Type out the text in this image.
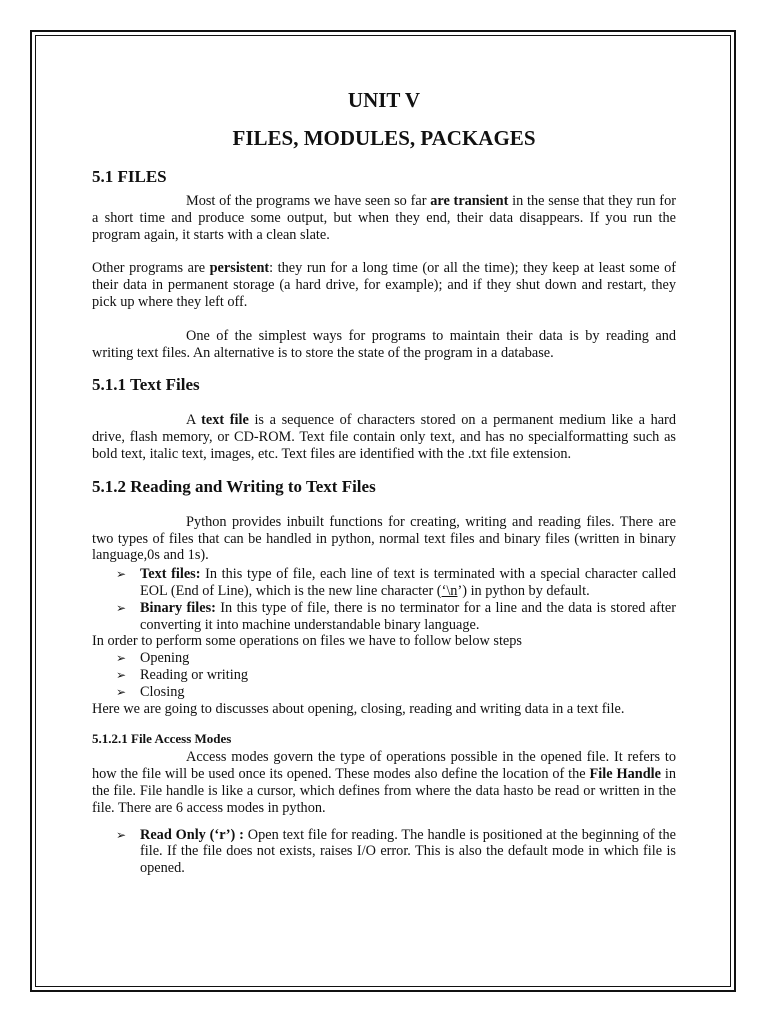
UNIT V
FILES, MODULES, PACKAGES
5.1 FILES

Most of the programs we have seen so far are transient in the sense that they run for a short time and produce some output, but when they end, their data disappears. If you run the program again, it starts with a clean slate.

Other programs are persistent: they run for a long time (or all the time); they keep at least some of their data in permanent storage (a hard drive, for example); and if they shut down and restart, they pick up where they left off.

One of the simplest ways for programs to maintain their data is by reading and writing text files. An alternative is to store the state of the program in a database.

5.1.1 Text Files

A text file is a sequence of characters stored on a permanent medium like a hard drive, flash memory, or CD-ROM. Text file contain only text, and has no specialformatting such as bold text, italic text, images, etc. Text files are identified with the .txt file extension.

5.1.2 Reading and Writing to Text Files

Python provides inbuilt functions for creating, writing and reading files. There are two types of files that can be handled in python, normal text files and binary files (written in binary language,0s and 1s).

➢ Text files: In this type of file, each line of text is terminated with a special character called EOL (End of Line), which is the new line character (‘\n’) in python by default.
➢ Binary files: In this type of file, there is no terminator for a line and the data is stored after converting it into machine understandable binary language.

In order to perform some operations on files we have to follow below steps

➢ Opening
➢ Reading or writing
➢ Closing

Here we are going to discusses about opening, closing, reading and writing data in a text file.

5.1.2.1 File Access Modes

Access modes govern the type of operations possible in the opened file. It refers to how the file will be used once its opened. These modes also define the location of the File Handle in the file. File handle is like a cursor, which defines from where the data hasto be read or written in the file. There are 6 access modes in python.

➢ Read Only (‘r’) : Open text file for reading. The handle is positioned at the beginning of the file. If the file does not exists, raises I/O error. This is also the default mode in which file is opened.
